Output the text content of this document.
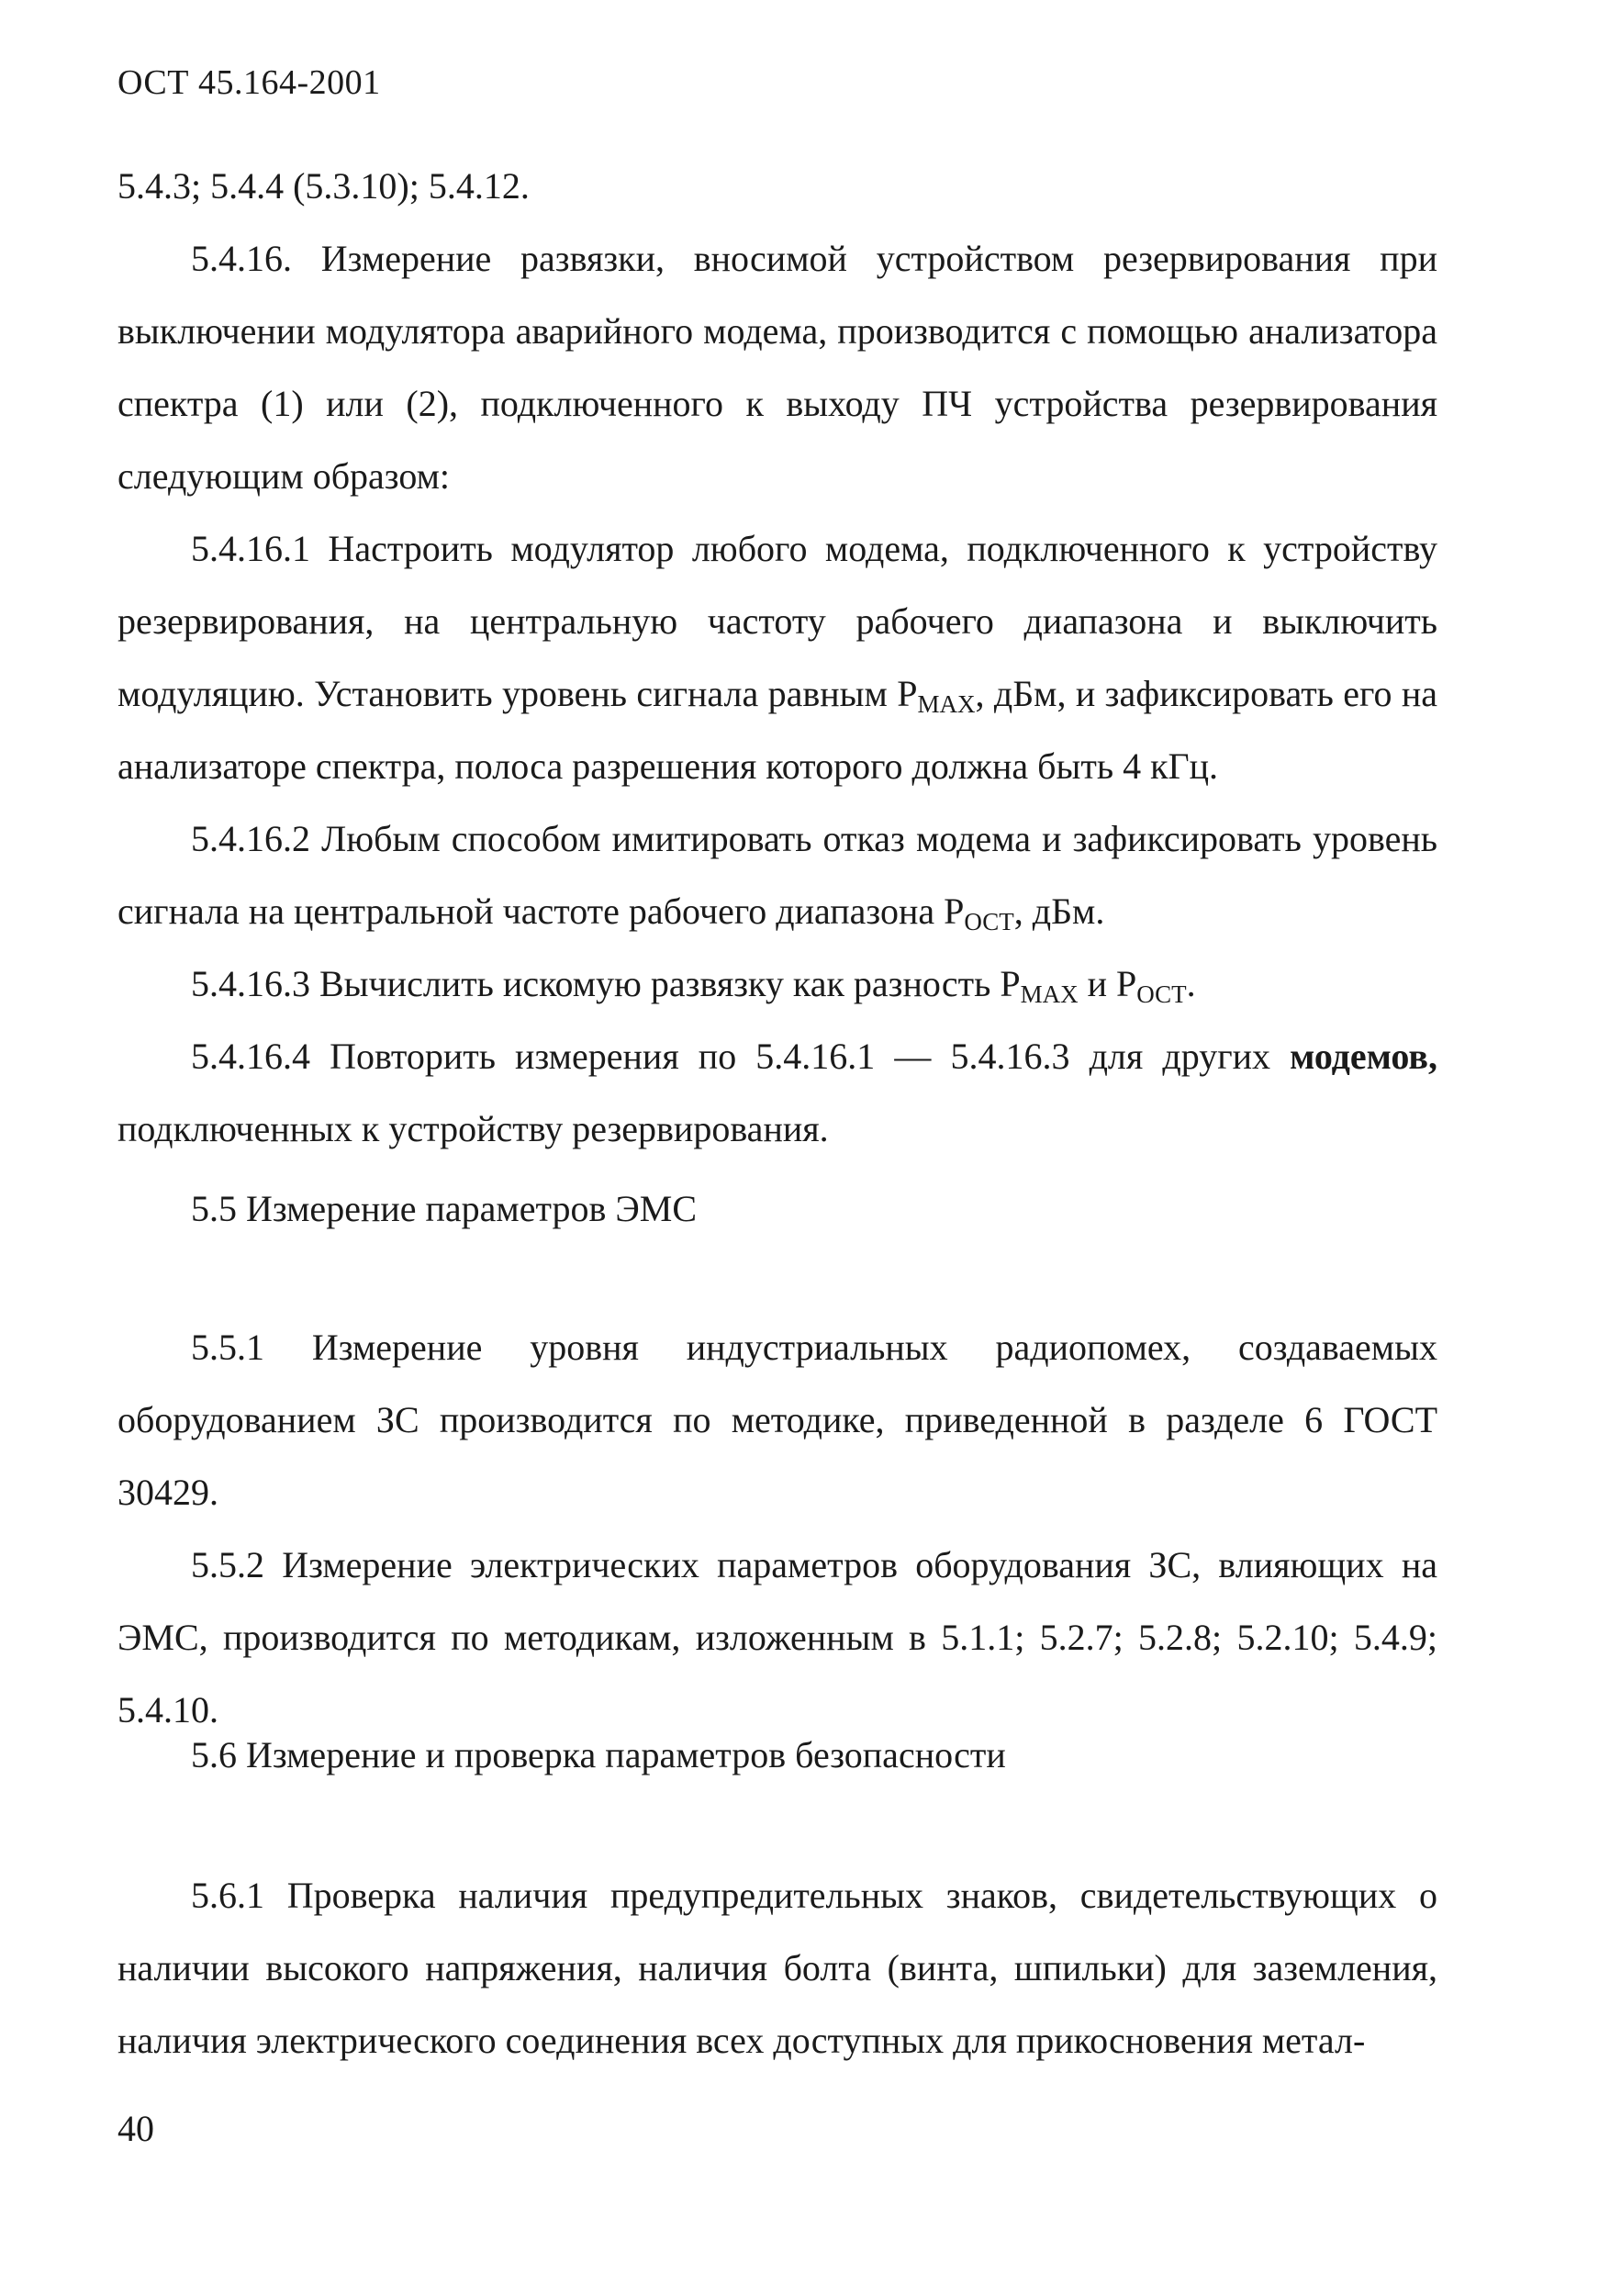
ОСТ 45.164-2001

5.4.3; 5.4.4 (5.3.10); 5.4.12.

5.4.16. Измерение развязки, вносимой устройством резервирования при выключении модулятора аварийного модема, производится с помощью анализатора спектра (1) или (2), подключенного к выходу ПЧ устройства резервирования следующим образом:

5.4.16.1 Настроить модулятор любого модема, подключенного к устройству резервирования, на центральную частоту рабочего диапазона и выключить модуляцию. Установить уровень сигнала равным $P_{MAX}$, дБм, и зафиксировать его на анализаторе спектра, полоса разрешения которого должна быть 4 кГц.

5.4.16.2 Любым способом имитировать отказ модема и зафиксировать уровень сигнала на центральной частоте рабочего диапазона $P_{ОСТ}$, дБм.

5.4.16.3 Вычислить искомую развязку как разность $P_{MAX}$ и $P_{ОСТ}$.

5.4.16.4 Повторить измерения по 5.4.16.1 — 5.4.16.3 для других модемов, подключенных к устройству резервирования.

5.5 Измерение параметров ЭМС

5.5.1 Измерение уровня индустриальных радиопомех, создаваемых оборудованием ЗС производится по методике, приведенной в разделе 6 ГОСТ 30429.

5.5.2 Измерение электрических параметров оборудования ЗС, влияющих на ЭМС, производится по методикам, изложенным в 5.1.1; 5.2.7; 5.2.8; 5.2.10; 5.4.9; 5.4.10.

5.6 Измерение и проверка параметров безопасности

5.6.1 Проверка наличия предупредительных знаков, свидетельствующих о наличии высокого напряжения, наличия болта (винта, шпильки) для заземления, наличия электрического соединения всех доступных для прикосновения метал-

40
